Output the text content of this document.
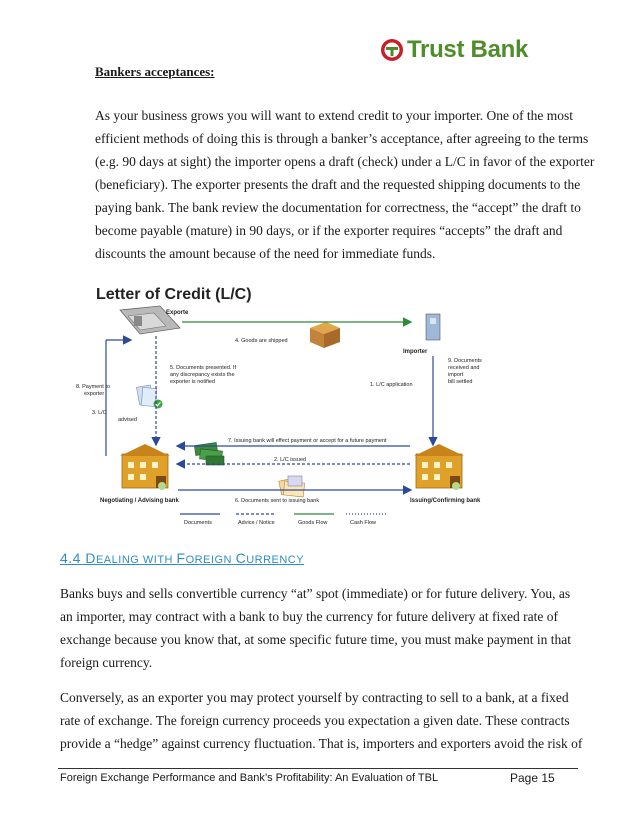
Trust Bank
Bankers acceptances:
As your business grows you will want to extend credit to your importer. One of the most
efficient methods of doing this is through a banker’s acceptance, after agreeing to the terms
(e.g. 90 days at sight) the importer opens a draft (check) under a L/C in favor of the exporter
(beneficiary). The exporter presents the draft and the requested shipping documents to the
paying bank. The bank review the documentation for correctness, the “accept” the draft to
become payable (mature) in 90 days, or if the exporter requires “accepts” the draft and
discounts the amount because of the need for immediate funds.
Letter of Credit (L/C)
Exporte
Importer
4. Goods are shipped
1. L/C application
9. Documents
received and
import
bill settled
5. Documents presented. If
any discrepancy exists the
exporter is notified
8. Payment to
exporter
3. L/C
advised
7. Issuing bank will effect payment or accept for a future payment
2. L/C issued
6. Documents sent to issuing bank
Negotiating / Advising bank	Issuing/Confirming bank
Documents	Advice / Notice	Goods Flow	Cash Flow
4.4 DEALING WITH FOREIGN CURRENCY
Banks buys and sells convertible currency “at” spot (immediate) or for future delivery. You, as
an importer, may contract with a bank to buy the currency for future delivery at fixed rate of
exchange because you know that, at some specific future time, you must make payment in that
foreign currency.
Conversely, as an exporter you may protect yourself by contracting to sell to a bank, at a fixed
rate of exchange. The foreign currency proceeds you expectation a given date. These contracts
provide a “hedge” against currency fluctuation. That is, importers and exporters avoid the risk of
Foreign Exchange Performance and Bank’s Profitability: An Evaluation of TBL	Page 15
